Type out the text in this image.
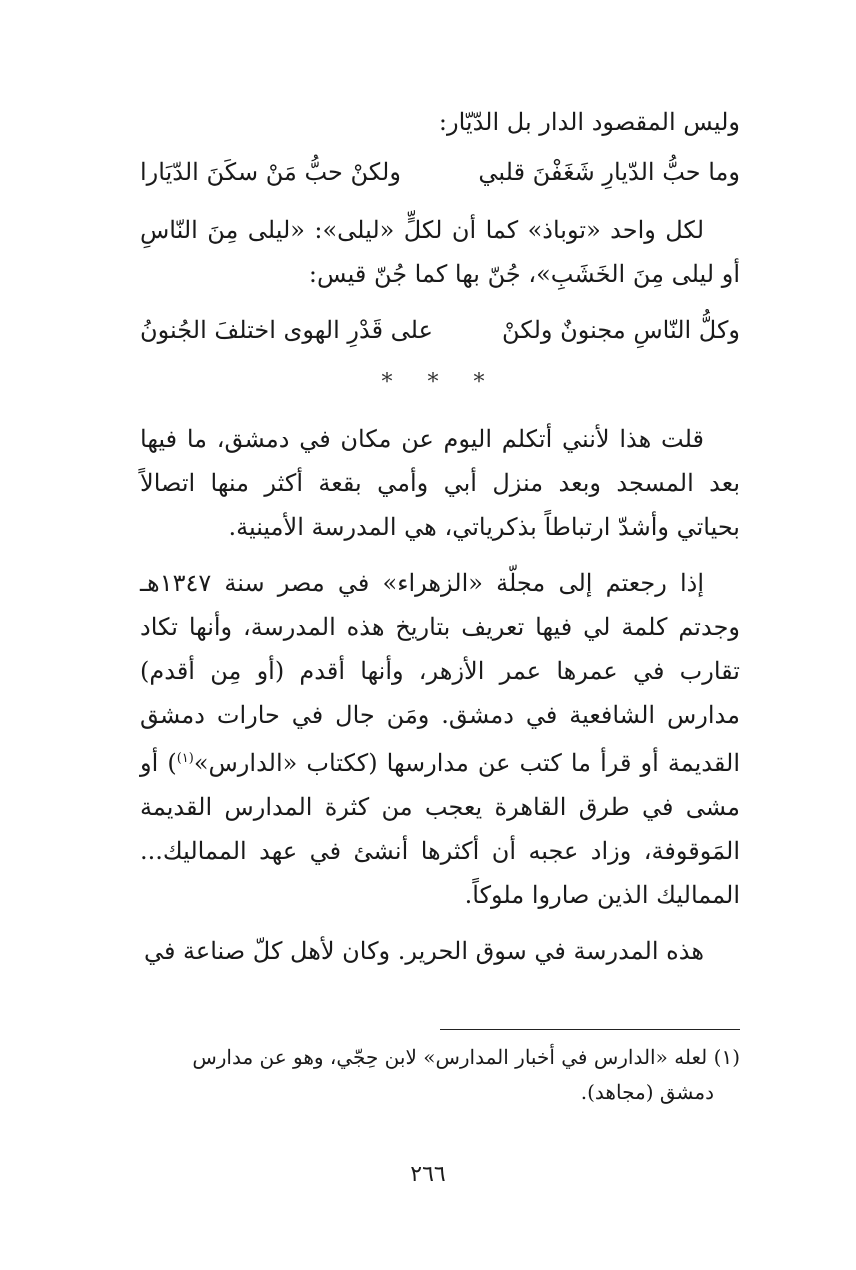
وليس المقصود الدار بل الدّيّار:
وما حبُّ الدّيارِ شَغَفْنَ قلبي
ولكنْ حبُّ مَنْ سكَنَ الدّيَارا

لكل واحد «توباذ» كما أن لكلٍّ «ليلى»: «ليلى مِنَ النّاسِ أو ليلى مِنَ الخَشَبِ»، جُنّ بها كما جُنّ قيس:

وكلُّ النّاسِ مجنونٌ ولكنْ
على قَدْرِ الهوى اختلفَ الجُنونُ
* * *

قلت هذا لأنني أتكلم اليوم عن مكان في دمشق، ما فيها بعد المسجد وبعد منزل أبي وأمي بقعة أكثر منها اتصالاً بحياتي وأشدّ ارتباطاً بذكرياتي، هي المدرسة الأمينية.

إذا رجعتم إلى مجلّة «الزهراء» في مصر سنة ١٣٤٧هـ وجدتم كلمة لي فيها تعريف بتاريخ هذه المدرسة، وأنها تكاد تقارب في عمرها عمر الأزهر، وأنها أقدم (أو مِن أقدم) مدارس الشافعية في دمشق. ومَن جال في حارات دمشق القديمة أو قرأ ما كتب عن مدارسها (ككتاب «الدارس»$^{(١)}$) أو مشى في طرق القاهرة يعجب من كثرة المدارس القديمة المَوقوفة، وزاد عجبه أن أكثرها أنشئ في عهد المماليك... المماليك الذين صاروا ملوكاً.

هذه المدرسة في سوق الحرير. وكان لأهل كلّ صناعة في

(١) لعله «الدارس في أخبار المدارس» لابن حِجّي، وهو عن مدارس
دمشق (مجاهد).
٢٦٦
